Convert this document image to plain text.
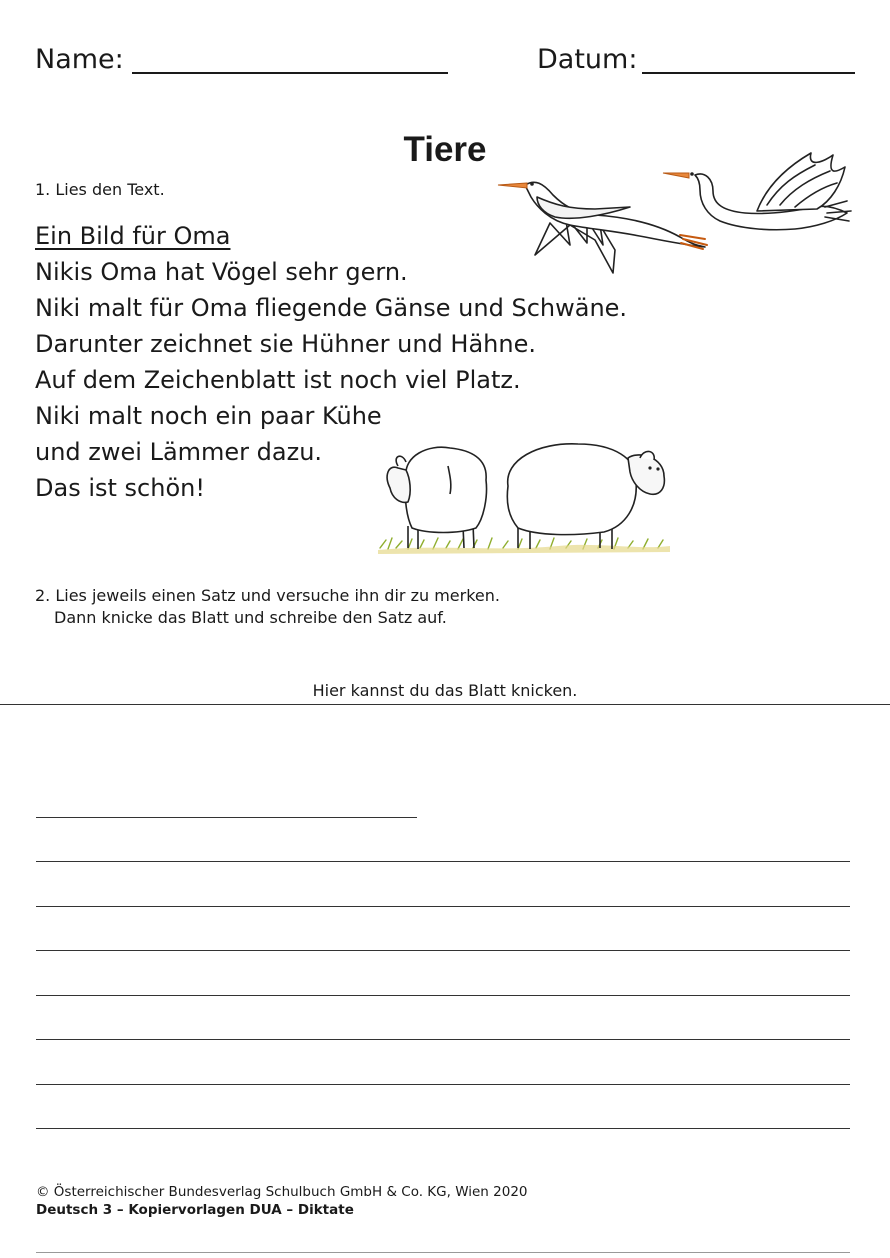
Name:	Datum:
Tiere
1. Lies den Text.
Ein Bild für Oma
Nikis Oma hat Vögel sehr gern.
Niki malt für Oma fliegende Gänse und Schwäne.
Darunter zeichnet sie Hühner und Hähne.
Auf dem Zeichenblatt ist noch viel Platz.
Niki malt noch ein paar Kühe
und zwei Lämmer dazu.
Das ist schön!
2. Lies jeweils einen Satz und versuche ihn dir zu merken.
Dann knicke das Blatt und schreibe den Satz auf.
Hier kannst du das Blatt knicken.
© Österreichischer Bundesverlag Schulbuch GmbH & Co. KG, Wien 2020
Deutsch 3 – Kopiervorlagen DUA – Diktate
